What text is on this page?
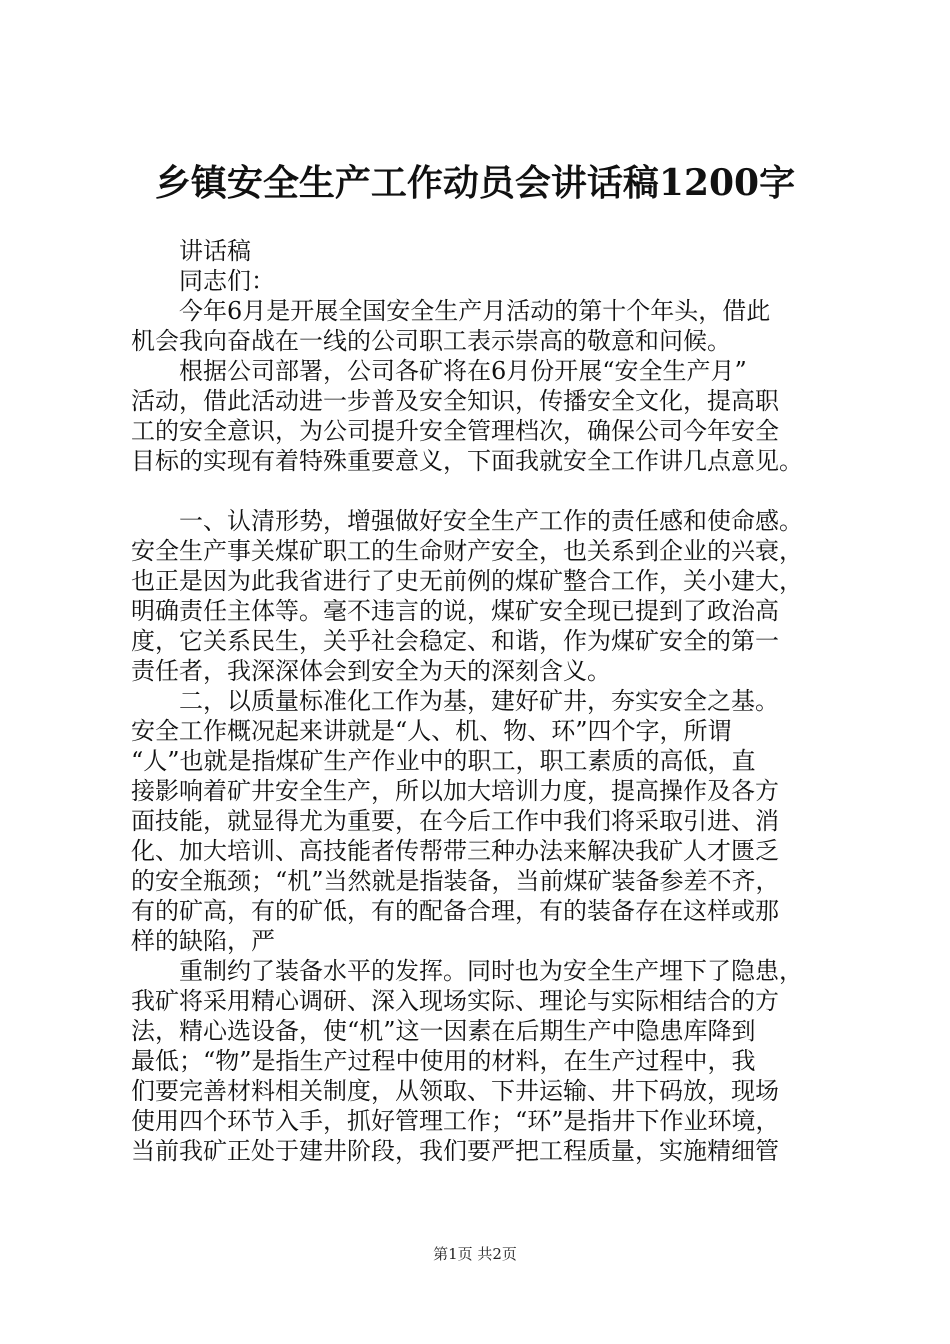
乡镇安全生产工作动员会讲话稿1200字
讲话稿
同志们：
今年6月是开展全国安全生产月活动的第十个年头，借此
机会我向奋战在一线的公司职工表示崇高的敬意和问候。
根据公司部署，公司各矿将在6月份开展“安全生产月”
活动，借此活动进一步普及安全知识，传播安全文化，提高职
工的安全意识，为公司提升安全管理档次，确保公司今年安全
目标的实现有着特殊重要意义，下面我就安全工作讲几点意见。
一、认清形势，增强做好安全生产工作的责任感和使命感。
安全生产事关煤矿职工的生命财产安全，也关系到企业的兴衰，
也正是因为此我省进行了史无前例的煤矿整合工作，关小建大，
明确责任主体等。毫不违言的说，煤矿安全现已提到了政治高
度，它关系民生，关乎社会稳定、和谐，作为煤矿安全的第一
责任者，我深深体会到安全为天的深刻含义。
二，以质量标准化工作为基，建好矿井，夯实安全之基。
安全工作概况起来讲就是“人、机、物、环”四个字，所谓
“人”也就是指煤矿生产作业中的职工，职工素质的高低，直
接影响着矿井安全生产，所以加大培训力度，提高操作及各方
面技能，就显得尤为重要，在今后工作中我们将采取引进、消
化、加大培训、高技能者传帮带三种办法来解决我矿人才匮乏
的安全瓶颈；“机”当然就是指装备，当前煤矿装备参差不齐，
有的矿高，有的矿低，有的配备合理，有的装备存在这样或那
样的缺陷，严
重制约了装备水平的发挥。同时也为安全生产埋下了隐患，
我矿将采用精心调研、深入现场实际、理论与实际相结合的方
法，精心选设备，使“机”这一因素在后期生产中隐患库降到
最低；“物”是指生产过程中使用的材料，在生产过程中，我
们要完善材料相关制度，从领取、下井运输、井下码放，现场
使用四个环节入手，抓好管理工作；“环”是指井下作业环境，
当前我矿正处于建井阶段，我们要严把工程质量，实施精细管
第1页 共2页
